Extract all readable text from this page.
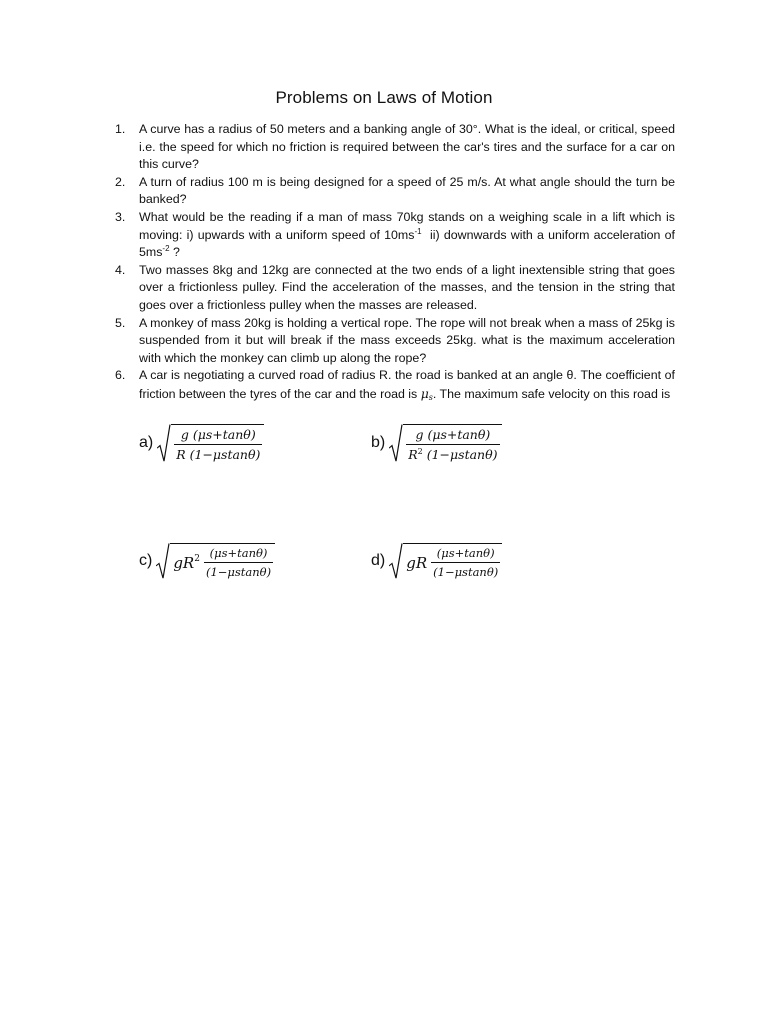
Problems on Laws of Motion
1. A curve has a radius of 50 meters and a banking angle of 30°. What is the ideal, or critical, speed i.e. the speed for which no friction is required between the car's tires and the surface for a car on this curve?
2. A turn of radius 100 m is being designed for a speed of 25 m/s. At what angle should the turn be banked?
3. What would be the reading if a man of mass 70kg stands on a weighing scale in a lift which is moving: i) upwards with a uniform speed of $10ms^{-1}$  ii) downwards with a uniform acceleration of $5ms^{-2}$ ?
4. Two masses 8kg and 12kg are connected at the two ends of a light inextensible string that goes over a frictionless pulley. Find the acceleration of the masses, and the tension in the string that goes over a frictionless pulley when the masses are released.
5. A monkey of mass 20kg is holding a vertical rope. The rope will not break when a mass of 25kg is suspended from it but will break if the mass exceeds 25kg. what is the maximum acceleration with which the monkey can climb up along the rope?
6. A car is negotiating a curved road of radius R. the road is banked at an angle θ. The coefficient of friction between the tyres of the car and the road is $\mu_s$. The maximum safe velocity on this road is
$a) \frac{g (\mu s+\tan\theta)}{R (1-\mu stan\theta)}$	$b) \frac{g (\mu s+\tan\theta)}{R^2 (1-\mu stan\theta)}$
c) $gR^2 \frac{(\mu s+\tan\theta)}{(1-\mu stan\theta)}$	d) gR $\frac{(\mu s+\tan\theta)}{(1-\mu stan\theta)}$
